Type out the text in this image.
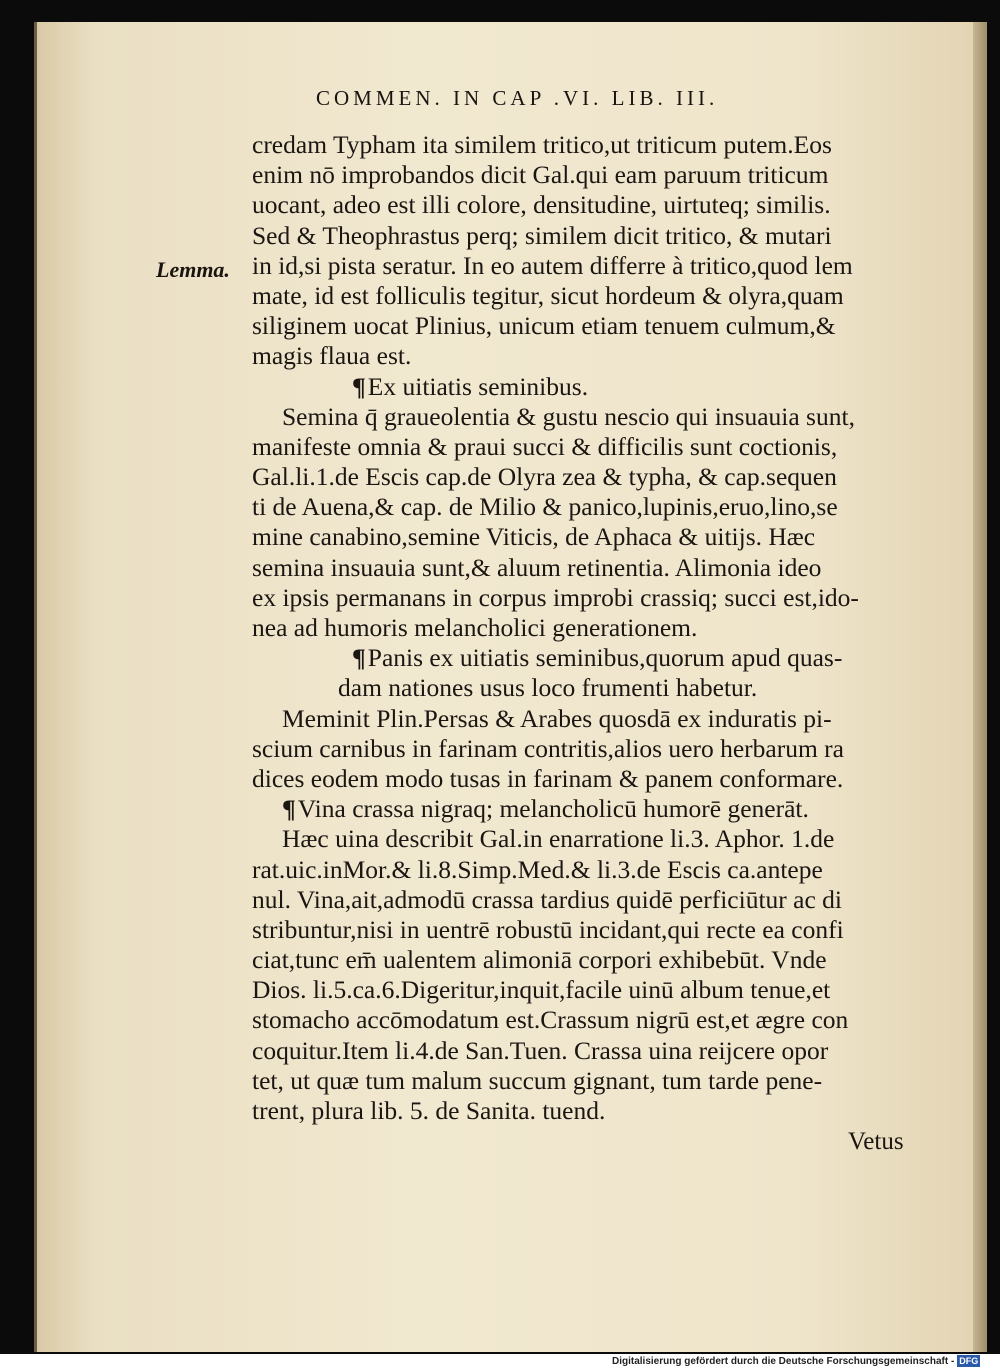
COMMEN. IN CAP .VI. LIB. III.
Lemma.
credam Typham ita similem tritico,ut triticum putem.Eos
enim nō improbandos dicit Gal.qui eam paruum triticum
uocant, adeo est illi colore, densitudine, uirtuteq; similis.
Sed & Theophrastus perq; similem dicit tritico, & mutari
in id,si pista seratur. In eo autem differre à tritico,quod lem
mate, id est folliculis tegitur, sicut hordeum & olyra,quam
siliginem uocat Plinius, unicum etiam tenuem culmum,&
magis flaua est.
¶Ex uitiatis seminibus.
Semina q̄ graueolentia & gustu nescio qui insuauia sunt,
manifeste omnia & praui succi & difficilis sunt coctionis,
Gal.li.1.de Escis cap.de Olyra zea & typha, & cap.sequen
ti de Auena,& cap. de Milio & panico,lupinis,eruo,lino,se
mine canabino,semine Viticis, de Aphaca & uitijs. Hæc
semina insuauia sunt,& aluum retinentia. Alimonia ideo
ex ipsis permanans in corpus improbi crassiq; succi est,ido-
nea ad humoris melancholici generationem.
¶Panis ex uitiatis seminibus,quorum apud quas-
dam nationes usus loco frumenti habetur.
Meminit Plin.Persas & Arabes quosdā ex induratis pi-
scium carnibus in farinam contritis,alios uero herbarum ra
dices eodem modo tusas in farinam & panem conformare.
¶Vina crassa nigraq; melancholicū humorē generāt.
Hæc uina describit Gal.in enarratione li.3. Aphor. 1.de
rat.uic.inMor.& li.8.Simp.Med.& li.3.de Escis ca.antepe
nul. Vina,ait,admodū crassa tardius quidē perficiūtur ac di
stribuntur,nisi in uentrē robustū incidant,qui recte ea confi
ciat,tunc em̄ ualentem alimoniā corpori exhibebūt. Vnde
Dios. li.5.ca.6.Digeritur,inquit,facile uinū album tenue,et
stomacho accōmodatum est.Crassum nigrū est,et ægre con
coquitur.Item li.4.de San.Tuen. Crassa uina reijcere opor
tet, ut quæ tum malum succum gignant, tum tarde pene-
trent, plura lib. 5. de Sanita. tuend.
Vetus
Digitalisierung gefördert durch die Deutsche Forschungsgemeinschaft - DFG
